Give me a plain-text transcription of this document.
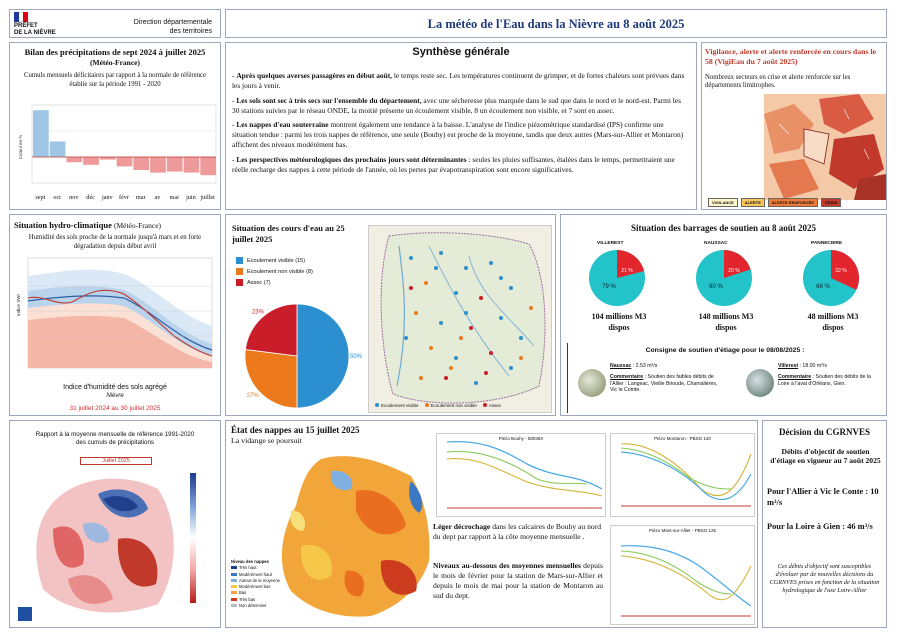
PRÉFET
DE LA NIÈVRE
Direction départementale
des territoires
La météo de l'Eau dans la Nièvre au 8 août 2025
Bilan des précipitations de sept 2024 à juillet 2025
(Météo-France)
Cumuls mensuels déficitaires par rapport à la normale de référence établie sur la période 1991 - 2020
Cumul en %
sept oct nov déc janv févr mar av mai juin juillet
Synthèse générale
- Après quelques averses passagères en début août, le temps reste sec. Les températures continuent de grimper, et de fortes chaleurs sont prévues dans les jours à venir.
- Les sols sont sec à très secs sur l'ensemble du département, avec une sécheresse plus marquée dans le sud que dans le nord et le nord-est. Parmi les 30 stations suivies par le réseau ONDE, la moitié présente un écoulement visible, 8 un écoulement non visible, et 7 sont en assec.
- Les nappes d'eau souterraine montrent également une tendance à la baisse. L'analyse de l'indice piézométrique standardisé (IPS) confirme une situation tendue : parmi les trois nappes de référence, une seule (Bouhy) est proche de la moyenne, tandis que deux autres (Mars-sur-Allier et Montaron) affichent des niveaux modérément bas.
- Les perspectives météorologiques des prochains jours sont déterminantes : seules les pluies suffisantes, étalées dans le temps, permettraient une réelle recharge des nappes à cette période de l'année, où les pertes par évapotranspiration sont encore significatives.
Vigilance, alerte et alerte renforcée en cours dans le 58 (VigiEau du 7 août 2025)
Nombreux secteurs en crise et alerte renforcée sur les départements limitrophes.
VIGILANCE	ALERTE	ALERTE RENFORCÉE	CRISE
Situation hydro-climatique (Météo-France)
Humidité des sols proche de la normale jusqu'à mars et en forte dégradation depuis début avril
Indice SWI
Indice d'humidité des sols agrégé
Nièvre
31 juillet 2024 au 30 juillet 2025
Situation des cours d'eau au 25 juillet 2025
Ecoulement visible (15)
Ecoulement non visible (8)
Assec (7)
50%
27%
23%
Ecoulement visible	Ecoulement non visible	Assec
Situation des barrages de soutien au 8 août 2025
VILLEREST
79 %
21 %
104 millions M3
dispos
NAUSSAC
80 %
20 %
148 millions M3
dispos
PANNECIERE
68 %
32 %
48 millions M3
dispos
Consigne de soutien d'étiage pour le 08/08/2025 :
Naussac : 2.53 m³/s
Commentaire : Soutien des faibles débits de l'Allier : Langeac, Vieille Brioude, Chamalières, Vic le Comte.
Villerest : 18.00 m³/s
Commentaire : Soutien des débits de la Loire à l'aval d'Orléans, Gien.
Rapport à la moyenne mensuelle de référence 1991-2020 des cumuls de précipitations
Juillet 2025
État des nappes au 15 juillet 2025
La vidange se poursuit
Niveau des nappes
Très haut
Modérément haut
Autour de la moyenne
Modérément bas
Bas
Très bas
Non déterminé
Piézo Bouhy - 58038X	Piézo Montaron - PBSG 140
Piézo Mars-sur-Allier - PBSG 125
Léger décrochage dans les calcaires de Bouhy au nord du dept par rapport à la côte moyenne mensuelle .
Niveaux au-dessous des moyennes mensuelles depuis le mois de février pour la station de Mars-sur-Allier et depuis le mois de mai pour la station de Montaron au sud du dept.
Décision du CGRNVES
Débits d'objectif de soutien d'étiage en vigueur au 7 août 2025
Pour l'Allier à Vic le Conte : 10 m³/s
Pour la Loire à Gien : 46 m³/s
Ces débits d'objectif sont susceptibles d'évoluer par de nouvelles décisions du CGRNVES prises en fonction de la situation hydrologique de l'axe Loire-Allier
